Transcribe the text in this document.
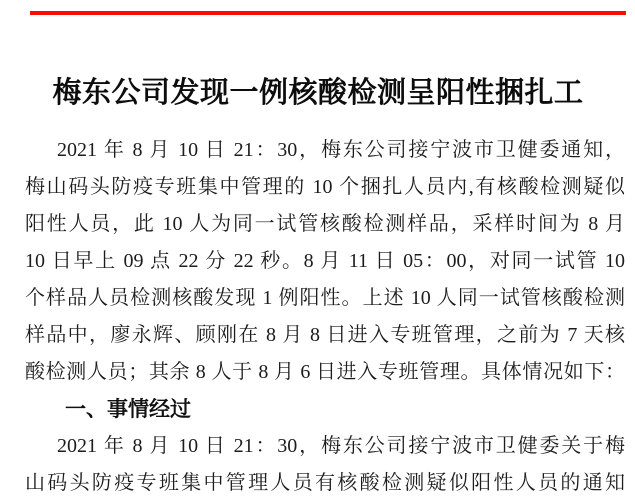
梅东公司发现一例核酸检测呈阳性捆扎工
2021 年 8 月 10 日 21：30，梅东公司接宁波市卫健委通知，
梅山码头防疫专班集中管理的 10 个捆扎人员内,有核酸检测疑似
阳性人员，此 10 人为同一试管核酸检测样品，采样时间为 8 月
10 日早上 09 点 22 分 22 秒。8 月 11 日 05：00，对同一试管 10
个样品人员检测核酸发现 1 例阳性。上述 10 人同一试管核酸检测
样品中，廖永辉、顾刚在 8 月 8 日进入专班管理，之前为 7 天核
酸检测人员；其余 8 人于 8 月 6 日进入专班管理。具体情况如下：
一、事情经过
2021 年 8 月 10 日 21：30，梅东公司接宁波市卫健委关于梅
山码头防疫专班集中管理人员有核酸检测疑似阳性人员的通知
